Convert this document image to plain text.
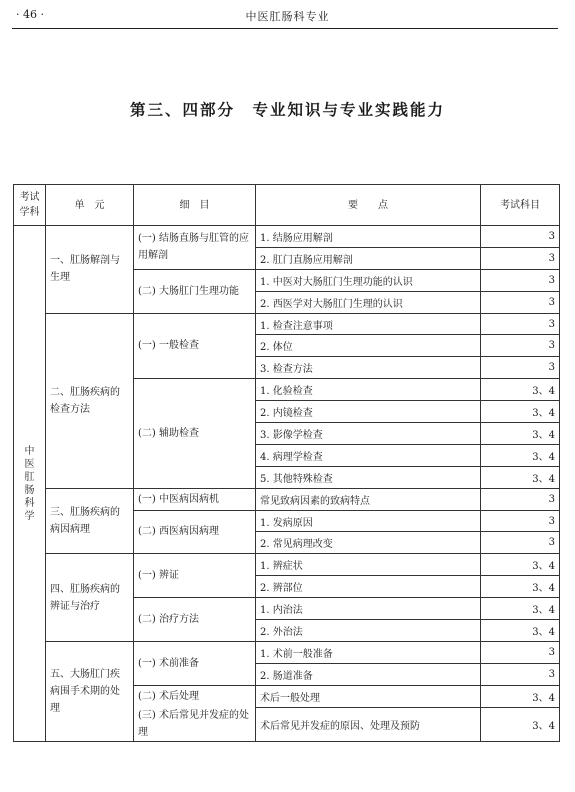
· 46 ·	中医肛肠科专业
第三、四部分　专业知识与专业实践能力
考试学科	单　元	细　目	要　　点	考试科目

中医肛肠科学	一、肛肠解剖与生理	(一) 结肠直肠与肛管的应用解剖	1. 结肠应用解剖	3
			2. 肛门直肠应用解剖	3
		(二) 大肠肛门生理功能	1. 中医对大肠肛门生理功能的认识	3
			2. 西医学对大肠肛门生理的认识	3
	二、肛肠疾病的检查方法	(一) 一般检查	1. 检查注意事项	3
			2. 体位	3
			3. 检查方法	3
		(二) 辅助检查	1. 化验检查	3、4
			2. 内镜检查	3、4
			3. 影像学检查	3、4
			4. 病理学检查	3、4
			5. 其他特殊检查	3、4
	三、肛肠疾病的病因病理	(一) 中医病因病机	常见致病因素的致病特点	3
		(二) 西医病因病理	1. 发病原因	3
			2. 常见病理改变	3
	四、肛肠疾病的辨证与治疗	(一) 辨证	1. 辨症状	3、4
			2. 辨部位	3、4
		(二) 治疗方法	1. 内治法	3、4
			2. 外治法	3、4
	五、大肠肛门疾病围手术期的处理	(一) 术前准备	1. 术前一般准备	3
			2. 肠道准备	3
		(二) 术后处理	术后一般处理	3、4
		(三) 术后常见并发症的处理	术后常见并发症的原因、处理及预防	3、4
